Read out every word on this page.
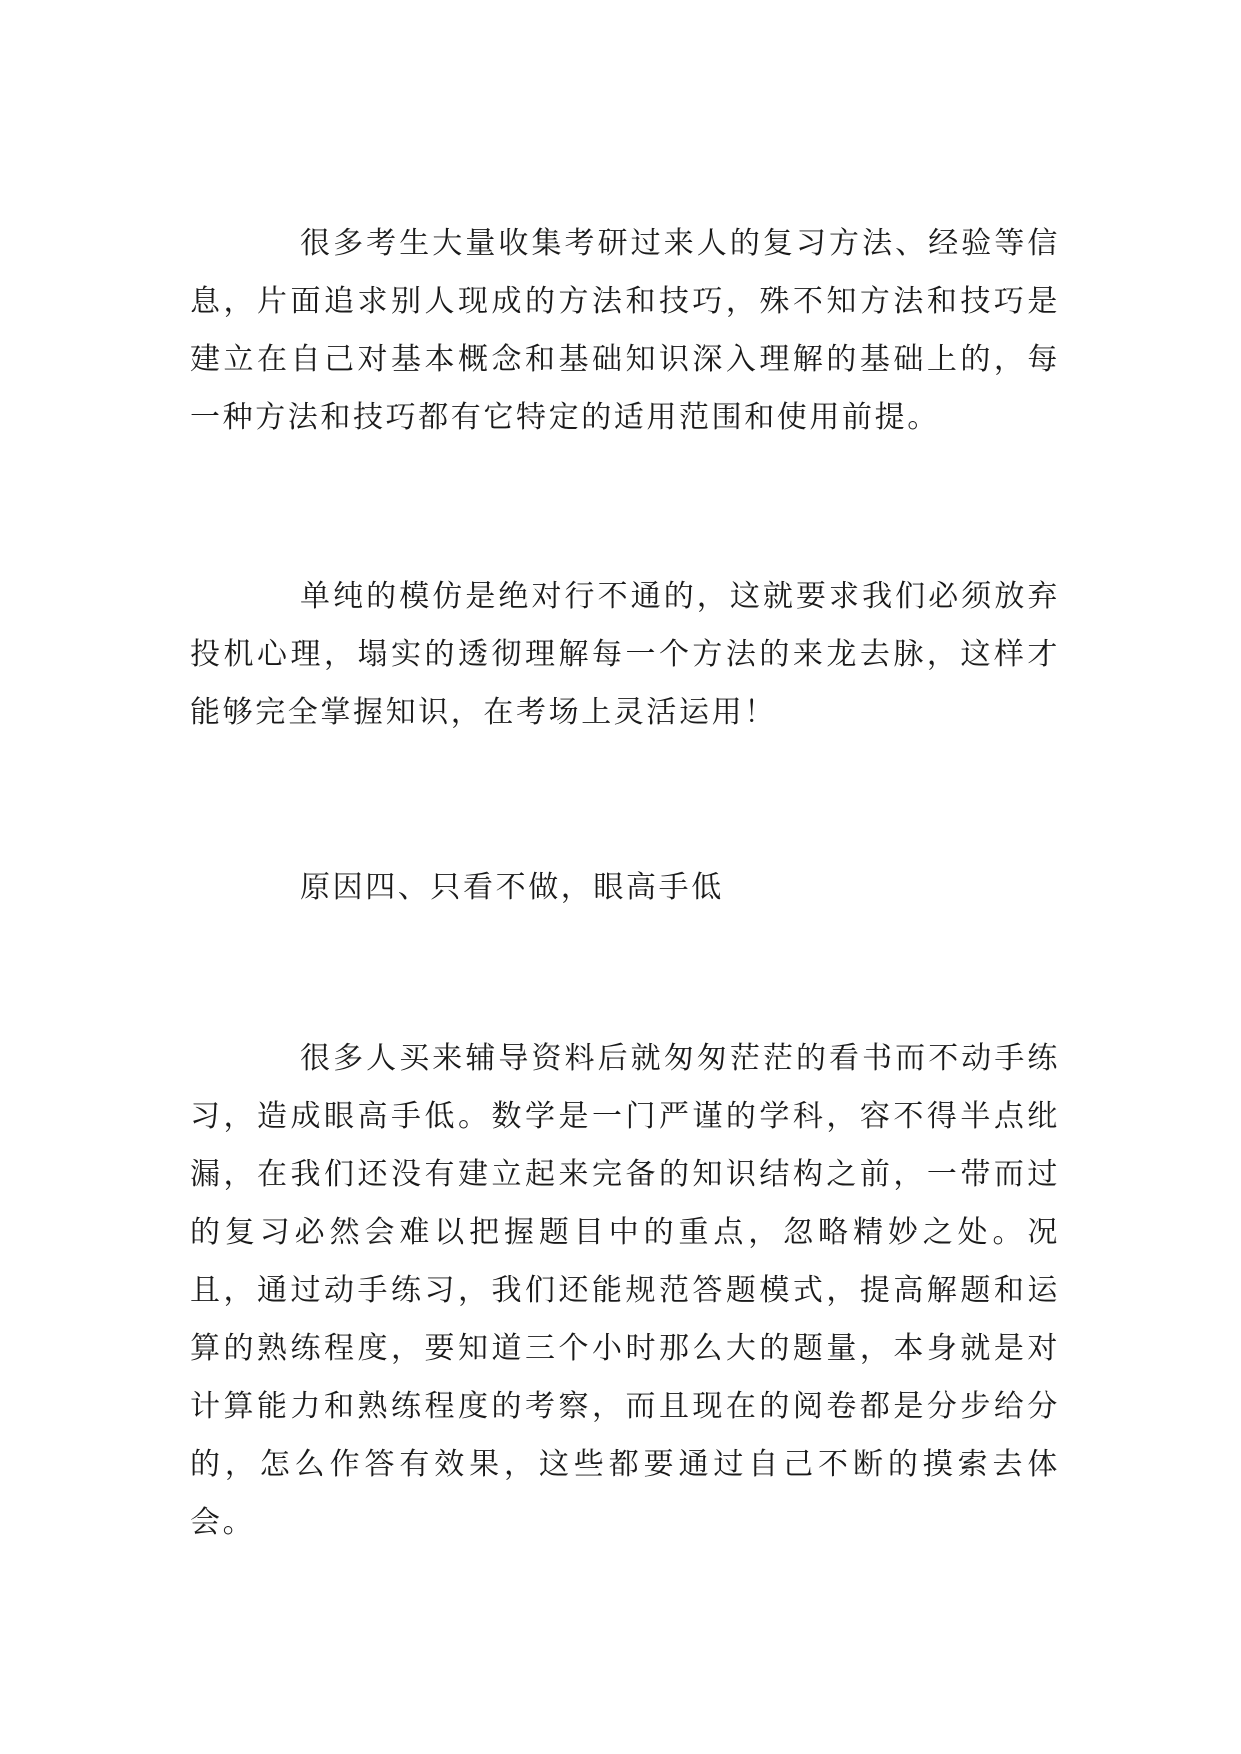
很多考生大量收集考研过来人的复习方法、经验等信息，片面追求别人现成的方法和技巧，殊不知方法和技巧是建立在自己对基本概念和基础知识深入理解的基础上的，每一种方法和技巧都有它特定的适用范围和使用前提。

单纯的模仿是绝对行不通的，这就要求我们必须放弃投机心理，塌实的透彻理解每一个方法的来龙去脉，这样才能够完全掌握知识，在考场上灵活运用！

原因四、只看不做，眼高手低

很多人买来辅导资料后就匆匆茫茫的看书而不动手练习，造成眼高手低。数学是一门严谨的学科，容不得半点纰漏，在我们还没有建立起来完备的知识结构之前，一带而过的复习必然会难以把握题目中的重点，忽略精妙之处。况且，通过动手练习，我们还能规范答题模式，提高解题和运算的熟练程度，要知道三个小时那么大的题量，本身就是对计算能力和熟练程度的考察，而且现在的阅卷都是分步给分的，怎么作答有效果，这些都要通过自己不断的摸索去体会。
